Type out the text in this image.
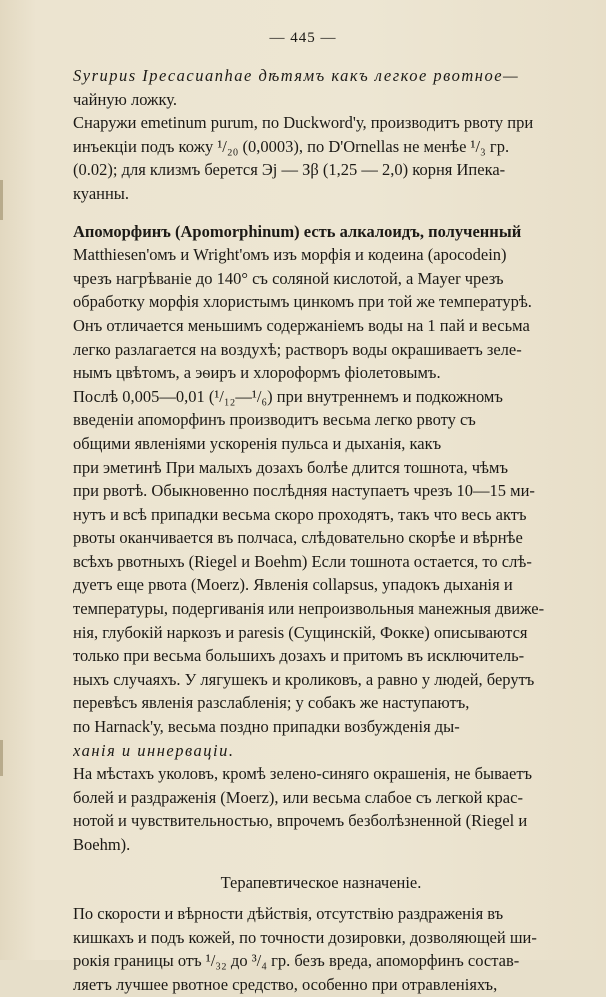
— 445 —
Syrupus Ipecacuanhae дѣтямъ какъ легкое рвотное—
чайную ложку.
Снаружи emetinum purum, по Duckword'у, производитъ рвоту при
инъекціи подъ кожу ¹/₂₀ (0,0003), по D'Ornellas не менѣе ¹/₃ гр.
(0.02); для клизмъ берется Эj — Зβ (1,25 — 2,0) корня Ипека-
куанны.
Апоморфинъ (Apomorphinum) есть алкалоидъ, полученный
Matthiesen'омъ и Wright'омъ изъ морфія и кодеина (apocodein)
чрезъ нагрѣваніе до 140° съ соляной кислотой, а Mayer чрезъ
обработку морфія хлористымъ цинкомъ при той же температурѣ.
Онъ отличается меньшимъ содержаніемъ воды на 1 пай и весьма
легко разлагается на воздухѣ; растворъ воды окрашиваетъ зеле-
нымъ цвѣтомъ, а эѳиръ и хлороформъ фіолетовымъ.
Послѣ 0,005—0,01 (¹/₁₂—¹/₆) при внутреннемъ и подкожномъ
введеніи апоморфинъ производитъ весьма легко рвоту съ
общими явленіями ускоренія пульса и дыханія, какъ
при эметинѣ При малыхъ дозахъ болѣе длится тошнота, чѣмъ
при рвотѣ. Обыкновенно послѣдняя наступаетъ чрезъ 10—15 ми-
нутъ и всѣ припадки весьма скоро проходятъ, такъ что весь актъ
рвоты оканчивается въ полчаса, слѣдовательно скорѣе и вѣрнѣе
всѣхъ рвотныхъ (Riegel и Boehm) Если тошнота остается, то слѣ-
дуетъ еще рвота (Moerz). Явленія collapsus, упадокъ дыханія и
температуры, подергиванія или непроизвольныя манежныя движе-
нія, глубокій наркозъ и paresis (Сущинскій, Фокке) описываются
только при весьма большихъ дозахъ и притомъ въ исключитель-
ныхъ случаяхъ. У лягушекъ и кроликовъ, а равно у людей, берутъ
перевѣсъ явленія разслабленія; у собакъ же наступаютъ,
по Harnack'у, весьма поздно припадки возбужденія ды-
ханія и иннерваціи.
На мѣстахъ уколовъ, кромѣ зелено-синяго окрашенія, не бываетъ
болей и раздраженія (Moerz), или весьма слабое съ легкой крас-
нотой и чувствительностью, впрочемъ безболѣзненной (Riegel и
Boehm).
Терапевтическое назначеніе.
По скорости и вѣрности дѣйствія, отсутствію раздраженія въ
кишкахъ и подъ кожей, по точности дозировки, дозволяющей ши-
рокія границы отъ ¹/₃₂ до ³/₄ гр. безъ вреда, апоморфинъ состав-
ляетъ лучшее рвотное средство, особенно при отравленіяхъ,
